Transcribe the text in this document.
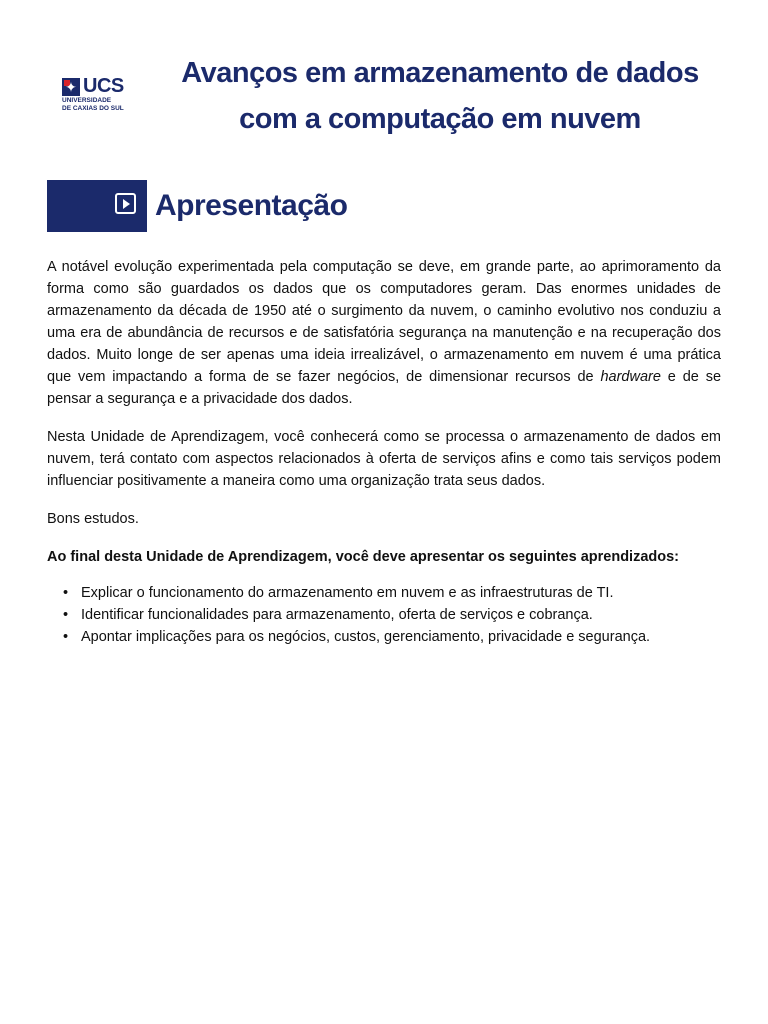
✦ UCS
UNIVERSIDADE
DE CAXIAS DO SUL
Avanços em armazenamento de dados
com a computação em nuvem
Apresentação

A notável evolução experimentada pela computação se deve, em grande parte, ao aprimoramento da forma como são guardados os dados que os computadores geram. Das enormes unidades de armazenamento da década de 1950 até o surgimento da nuvem, o caminho evolutivo nos conduziu a uma era de abundância de recursos e de satisfatória segurança na manutenção e na recuperação dos dados. Muito longe de ser apenas uma ideia irrealizável, o armazenamento em nuvem é uma prática que vem impactando a forma de se fazer negócios, de dimensionar recursos de hardware e de se pensar a segurança e a privacidade dos dados.

Nesta Unidade de Aprendizagem, você conhecerá como se processa o armazenamento de dados em nuvem, terá contato com aspectos relacionados à oferta de serviços afins e como tais serviços podem influenciar positivamente a maneira como uma organização trata seus dados.

Bons estudos.

Ao final desta Unidade de Aprendizagem, você deve apresentar os seguintes aprendizados:

• Explicar o funcionamento do armazenamento em nuvem e as infraestruturas de TI.
• Identificar funcionalidades para armazenamento, oferta de serviços e cobrança.
• Apontar implicações para os negócios, custos, gerenciamento, privacidade e segurança.
